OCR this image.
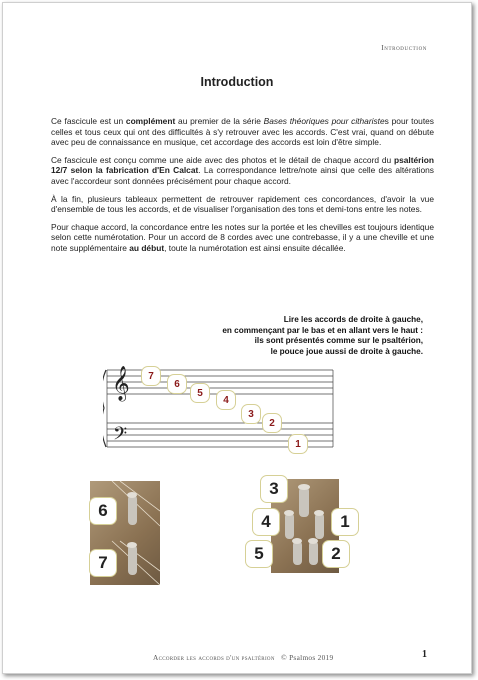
Introduction
Introduction

Ce fascicule est un complément au premier de la série Bases théoriques pour citharistes pour toutes celles et tous ceux qui ont des difficultés à s'y retrouver avec les accords. C'est vrai, quand on débute avec peu de connaissance en musique, cet accordage des accords est loin d'être simple.

Ce fascicule est conçu comme une aide avec des photos et le détail de chaque accord du psaltérion 12/7 selon la fabrication d'En Calcat. La correspondance lettre/note ainsi que celle des altérations avec l'accordeur sont données précisément pour chaque accord.

À la fin, plusieurs tableaux permettent de retrouver rapidement ces concordances, d'avoir la vue d'ensemble de tous les accords, et de visualiser l'organisation des tons et demi-tons entre les notes.

Pour chaque accord, la concordance entre les notes sur la portée et les chevilles est toujours identique selon cette numérotation. Pour un accord de 8 cordes avec une contrebasse, il y a une cheville et une note supplémentaire au début, toute la numérotation est ainsi ensuite décallée.

Lire les accords de droite à gauche,
en commençant par le bas et en allant vers le haut :
ils sont présentés comme sur le psaltérion,
le pouce joue aussi de droite à gauche.
𝄞
𝄢
7
6
5
4
3
2
1
6
7
3
4	1
5	2
Accorder les accords d'un psaltérion © Psalmos 2019	1
